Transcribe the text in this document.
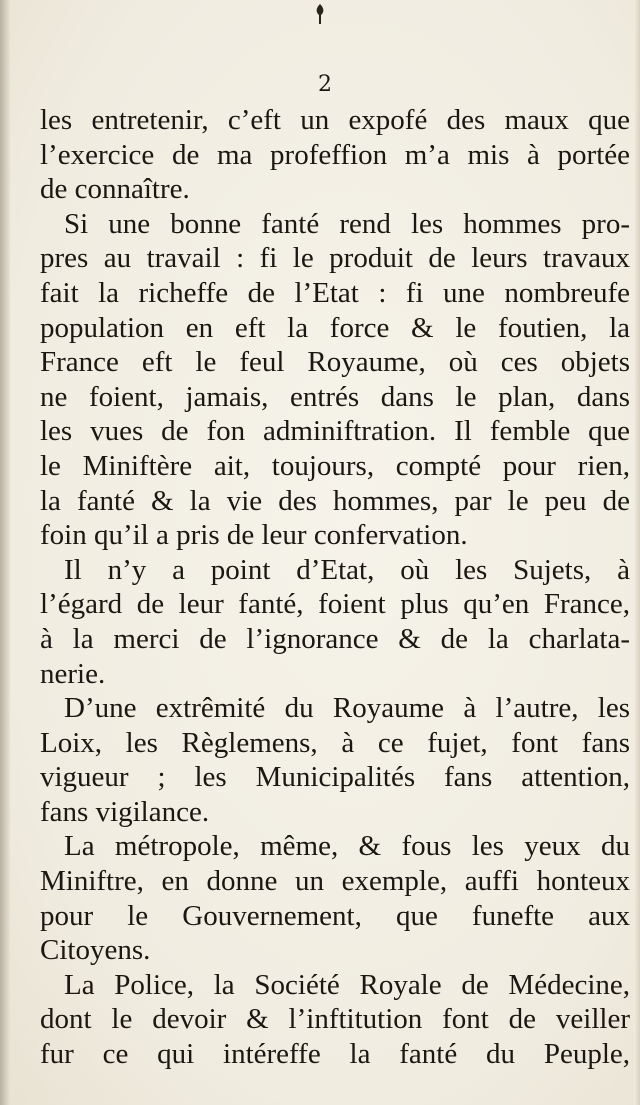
2
les entretenir, c’eft un expofé des maux que
l’exercice de ma profeffion m’a mis à portée
de connaître.
Si une bonne fanté rend les hommes pro-
pres au travail : fi le produit de leurs travaux
fait la richeffe de l’Etat : fi une nombreufe
population en eft la force & le foutien, la
France eft le feul Royaume, où ces objets
ne foient, jamais, entrés dans le plan, dans
les vues de fon adminiftration. Il femble que
le Miniftère ait, toujours, compté pour rien,
la fanté & la vie des hommes, par le peu de
foin qu’il a pris de leur confervation.
Il n’y a point d’Etat, où les Sujets, à
l’égard de leur fanté, foient plus qu’en France,
à la merci de l’ignorance & de la charlata-
nerie.
D’une extrêmité du Royaume à l’autre, les
Loix, les Règlemens, à ce fujet, font fans
vigueur ; les Municipalités fans attention,
fans vigilance.
La métropole, même, & fous les yeux du
Miniftre, en donne un exemple, auffi honteux
pour le Gouvernement, que funefte aux
Citoyens.
La Police, la Société Royale de Médecine,
dont le devoir & l’inftitution font de veiller
fur ce qui intéreffe la fanté du Peuple,
